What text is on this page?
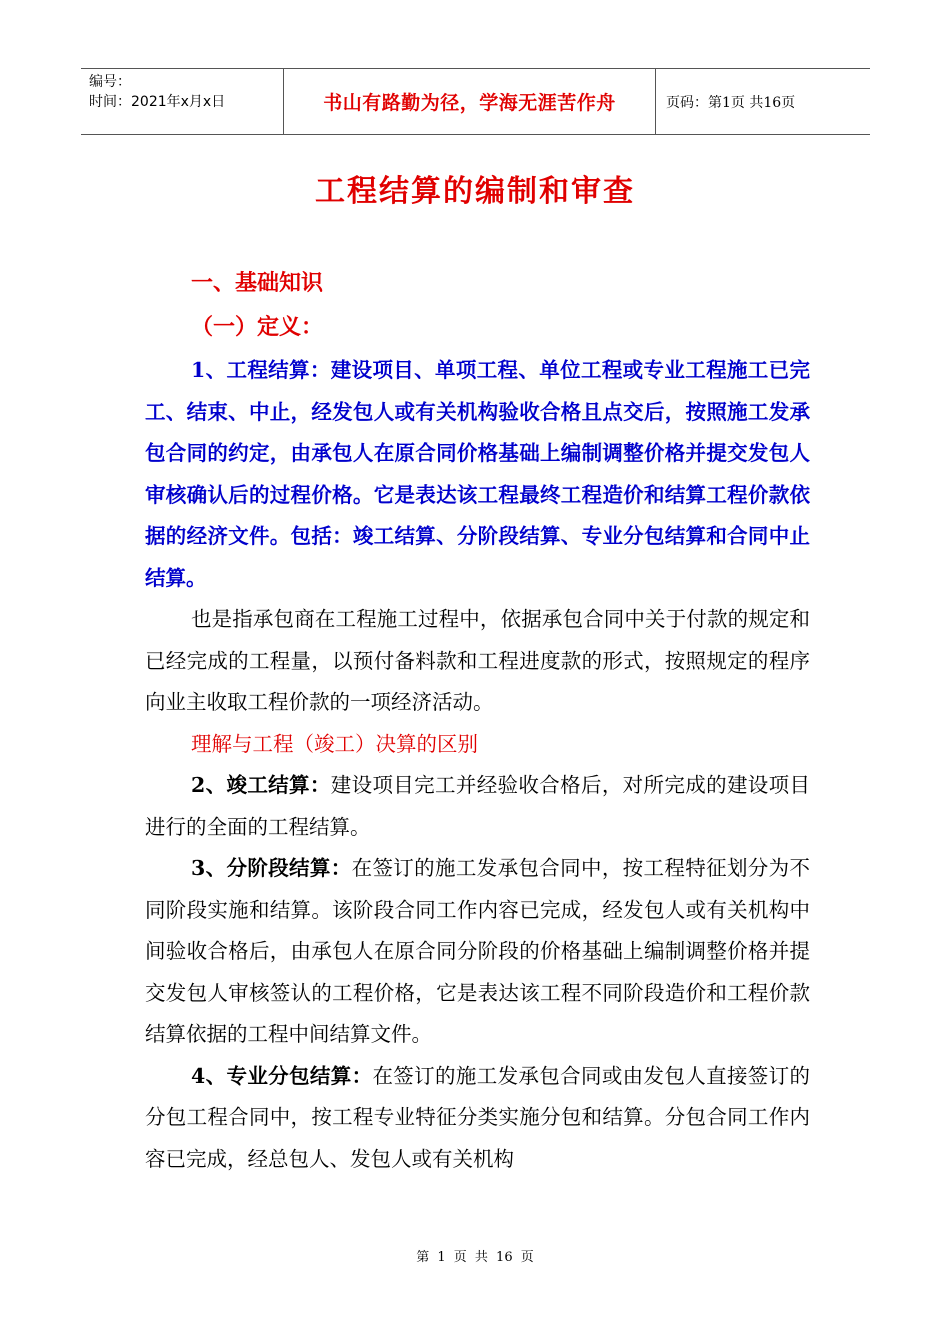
编号：
时间：2021年x月x日	书山有路勤为径，学海无涯苦作舟	页码：第1页 共16页
工程结算的编制和审查
一、基础知识
（一）定义：

1、工程结算：建设项目、单项工程、单位工程或专业工程施工已完工、结束、中止，经发包人或有关机构验收合格且点交后，按照施工发承包合同的约定，由承包人在原合同价格基础上编制调整价格并提交发包人审核确认后的过程价格。它是表达该工程最终工程造价和结算工程价款依据的经济文件。包括：竣工结算、分阶段结算、专业分包结算和合同中止结算。

也是指承包商在工程施工过程中，依据承包合同中关于付款的规定和已经完成的工程量，以预付备料款和工程进度款的形式，按照规定的程序向业主收取工程价款的一项经济活动。

理解与工程（竣工）决算的区别

2、竣工结算：建设项目完工并经验收合格后，对所完成的建设项目进行的全面的工程结算。

3、分阶段结算：在签订的施工发承包合同中，按工程特征划分为不同阶段实施和结算。该阶段合同工作内容已完成，经发包人或有关机构中间验收合格后，由承包人在原合同分阶段的价格基础上编制调整价格并提交发包人审核签认的工程价格，它是表达该工程不同阶段造价和工程价款结算依据的工程中间结算文件。

4、专业分包结算：在签订的施工发承包合同或由发包人直接签订的分包工程合同中，按工程专业特征分类实施分包和结算。分包合同工作内容已完成，经总包人、发包人或有关机构

第 1 页 共 16 页
